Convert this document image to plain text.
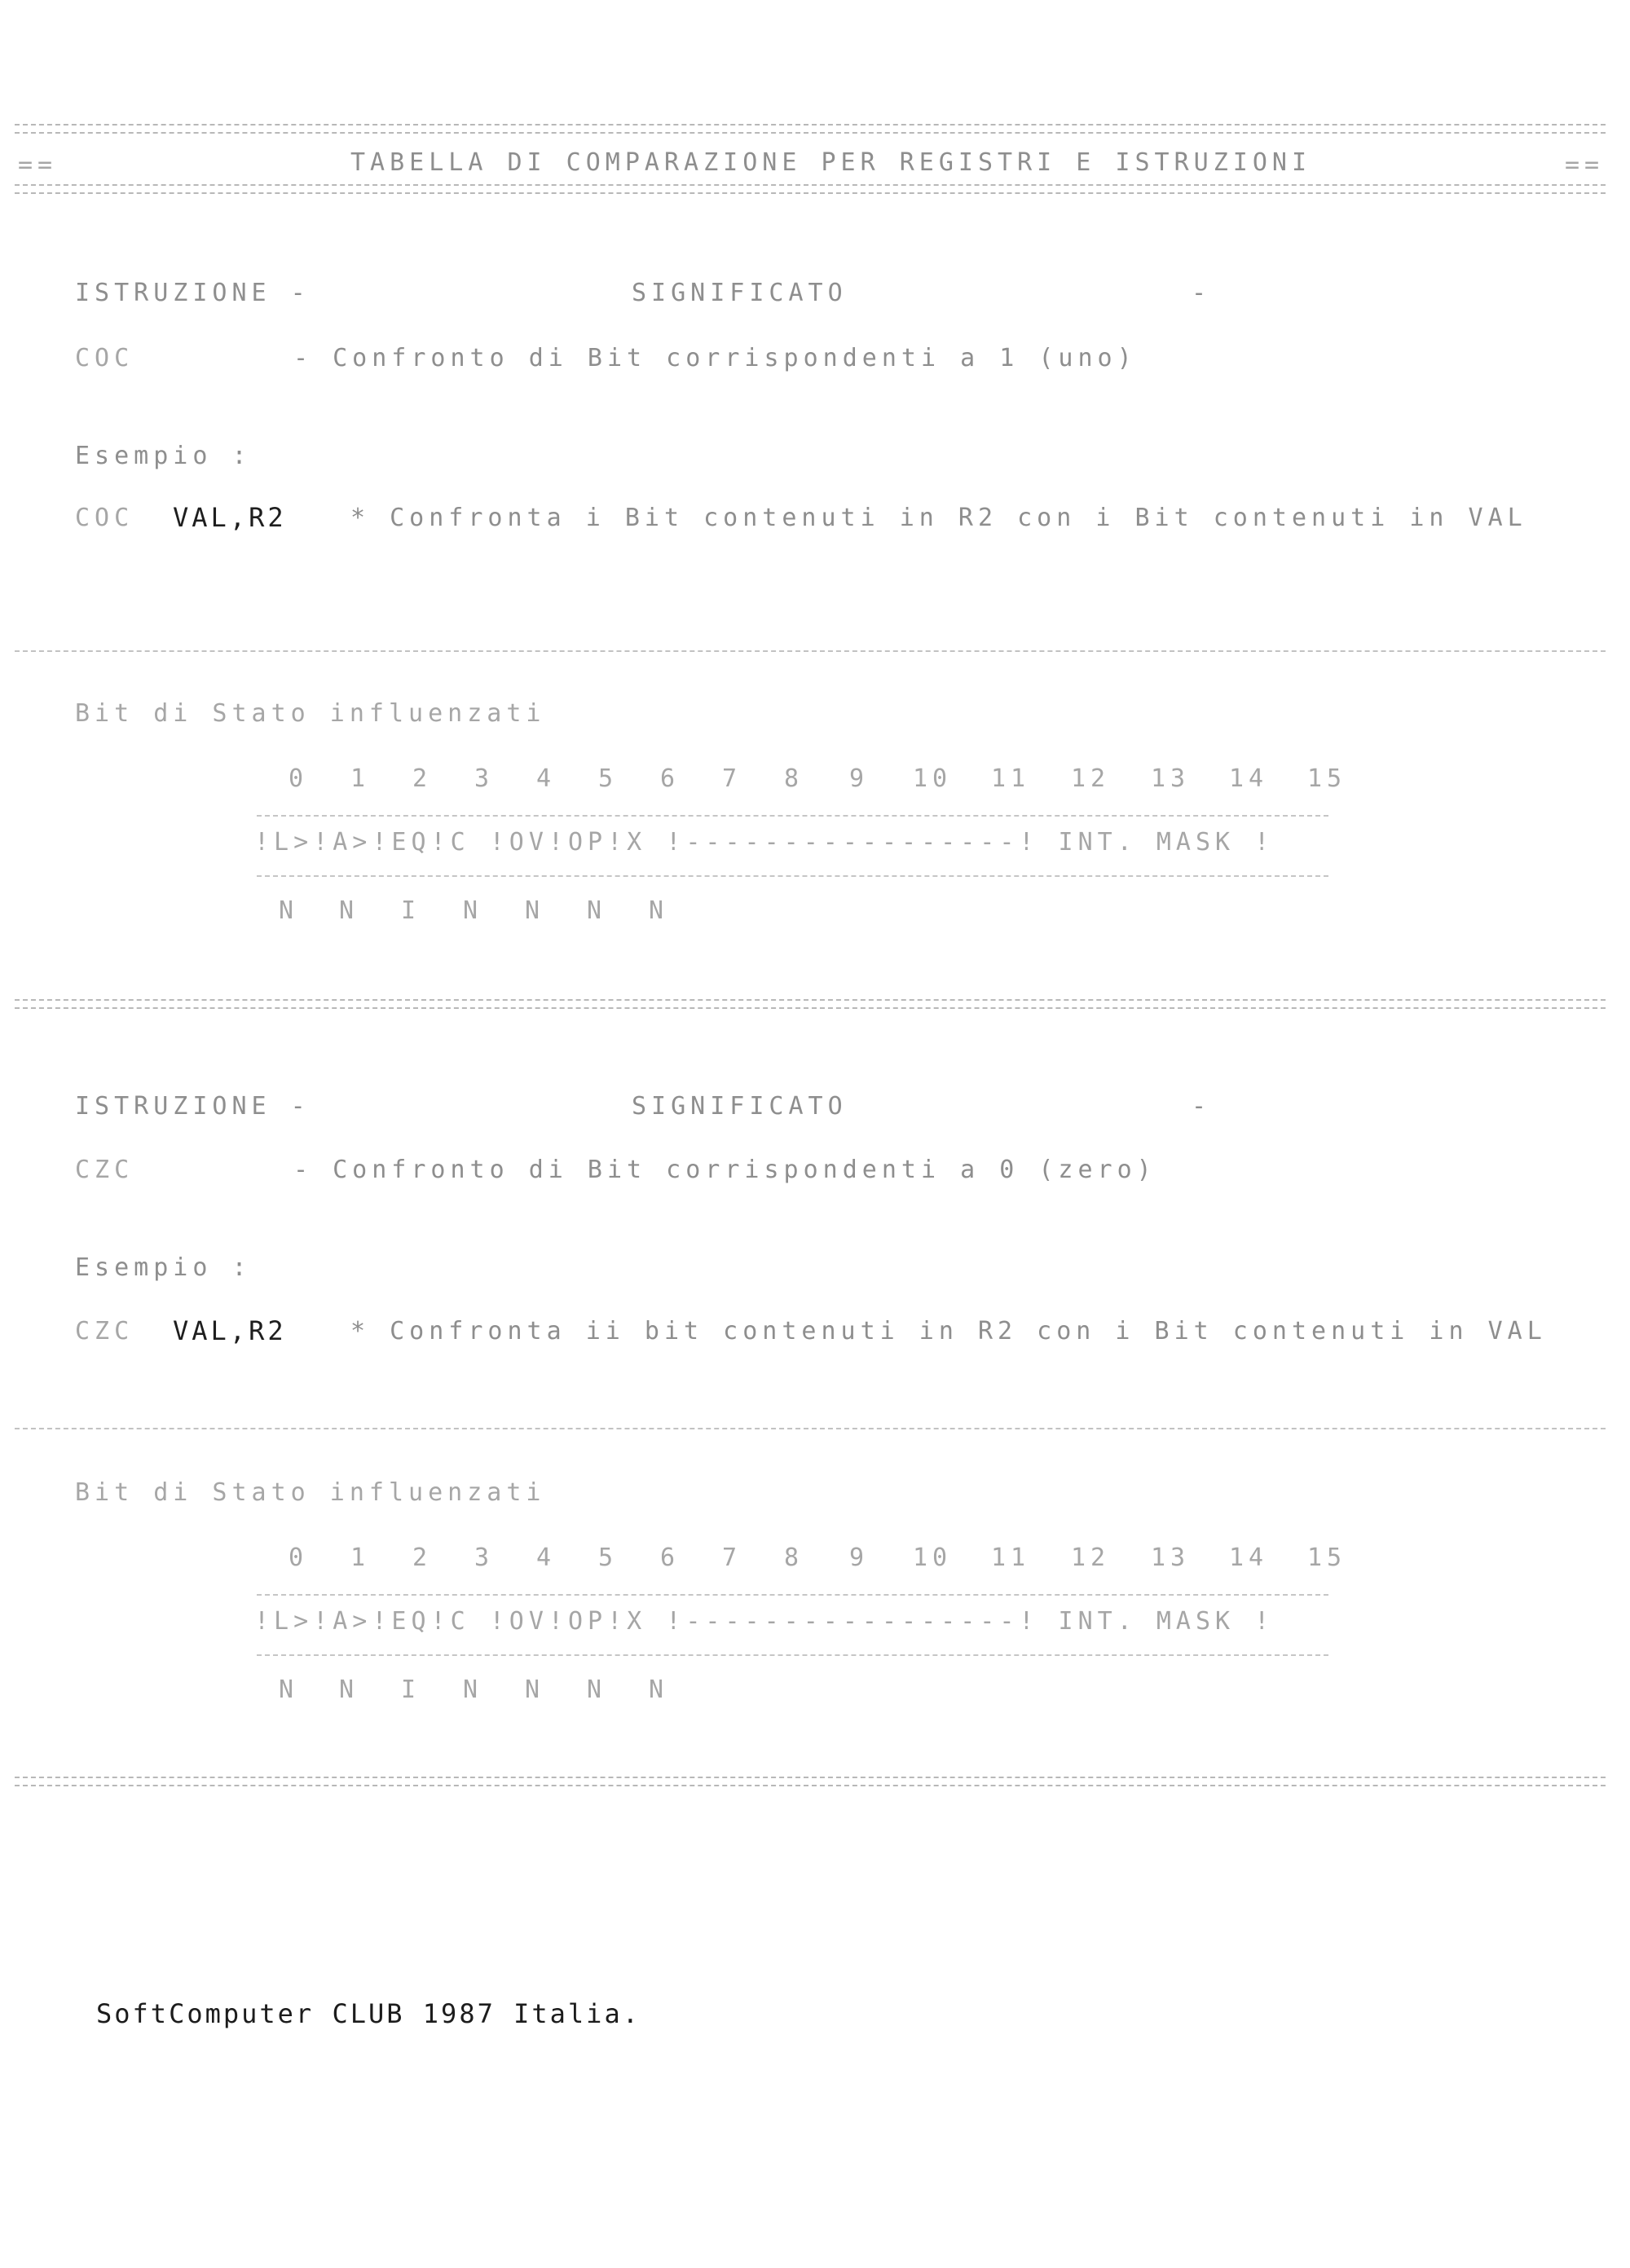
==	TABELLA DI COMPARAZIONE PER REGISTRI E ISTRUZIONI	==
ISTRUZIONE -	SIGNIFICATO	-
COC	- Confronto di Bit corrispondenti a 1 (uno)
Esempio :
COC VAL,R2	* Confronta i Bit contenuti in R2 con i Bit contenuti in VAL
Bit di Stato influenzati
0	1	2	3	4	5	6	7	8	9	10	11	12	13	14	15
!L>!A>!EQ!C !OV!OP!X !-----------------! INT. MASK !
N	N	I	N	N	N	N
ISTRUZIONE -	SIGNIFICATO	-
CZC	- Confronto di Bit corrispondenti a 0 (zero)
Esempio :
CZC VAL,R2	* Confronta ii bit contenuti in R2 con i Bit contenuti in VAL
Bit di Stato influenzati
0	1	2	3	4	5	6	7	8	9	10	11	12	13	14	15
!L>!A>!EQ!C !OV!OP!X !-----------------! INT. MASK !
N	N	I	N	N	N	N
SoftComputer CLUB 1987 Italia.
